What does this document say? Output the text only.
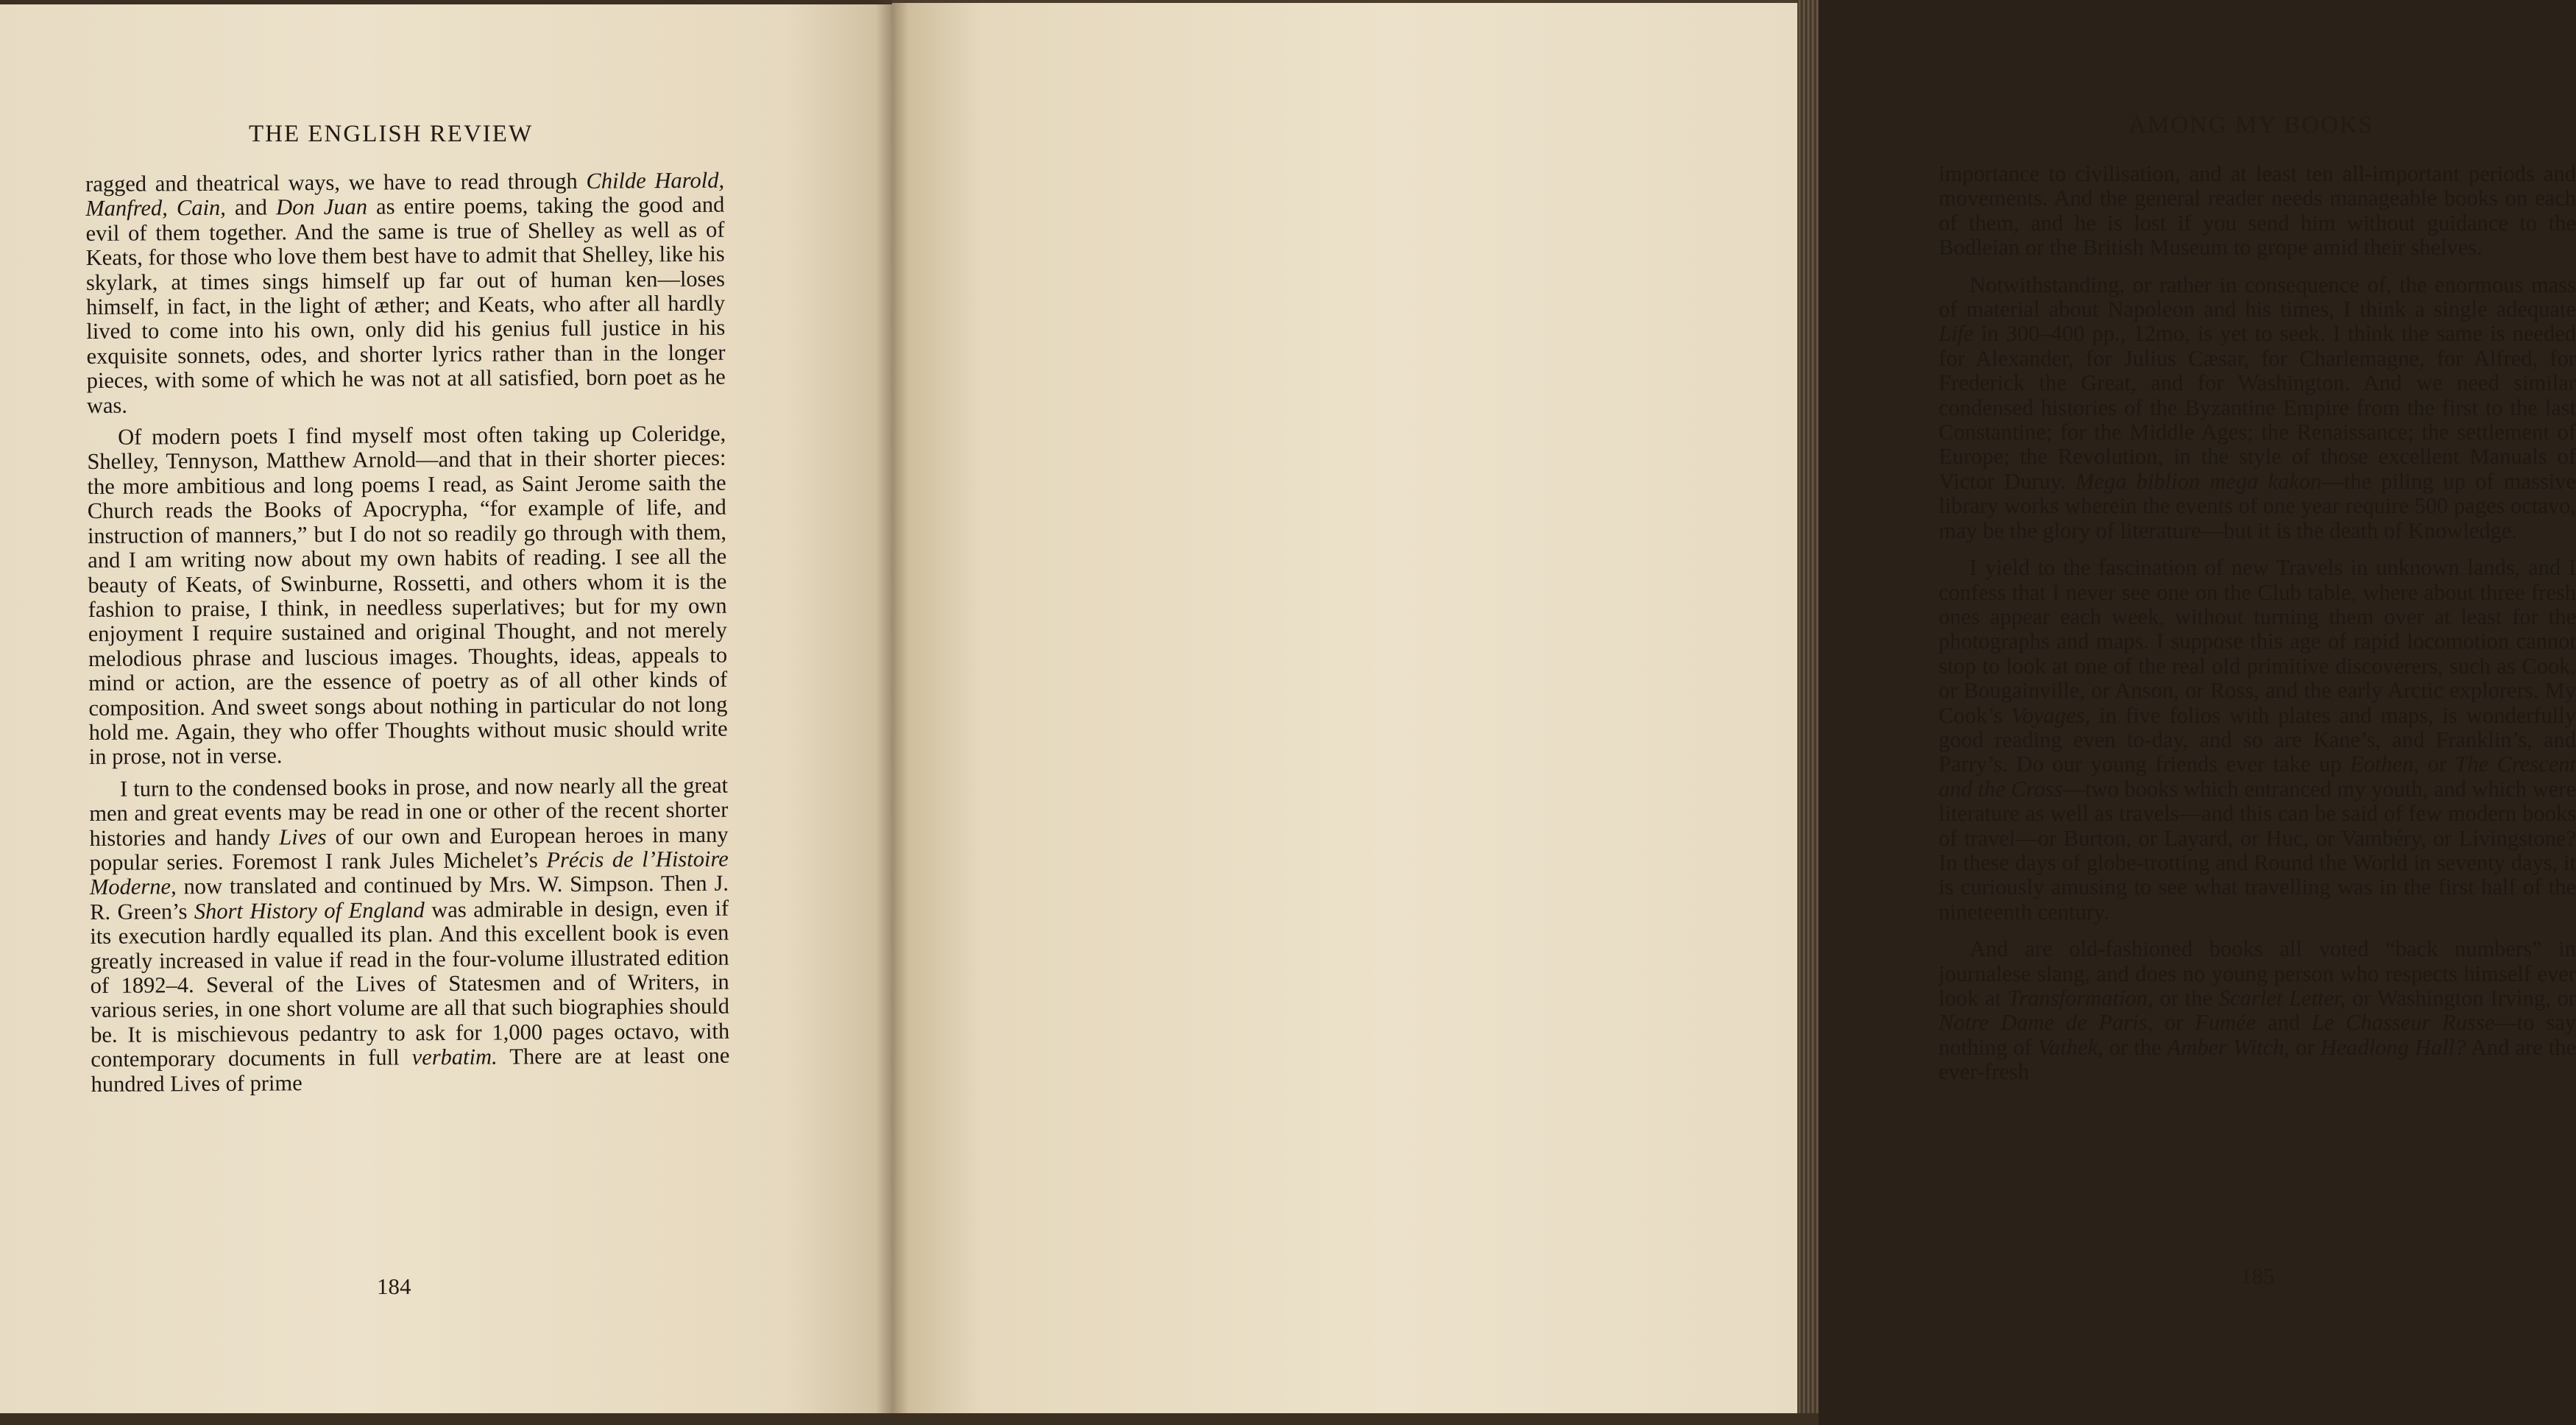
THE ENGLISH REVIEW

ragged and theatrical ways, we have to read through Childe Harold, Manfred, Cain, and Don Juan as entire poems, taking the good and evil of them together. And the same is true of Shelley as well as of Keats, for those who love them best have to admit that Shelley, like his skylark, at times sings himself up far out of human ken—loses himself, in fact, in the light of æther; and Keats, who after all hardly lived to come into his own, only did his genius full justice in his exquisite sonnets, odes, and shorter lyrics rather than in the longer pieces, with some of which he was not at all satisfied, born poet as he was.

Of modern poets I find myself most often taking up Coleridge, Shelley, Tennyson, Matthew Arnold—and that in their shorter pieces: the more ambitious and long poems I read, as Saint Jerome saith the Church reads the Books of Apocrypha, “for example of life, and instruction of manners,” but I do not so readily go through with them, and I am writing now about my own habits of reading. I see all the beauty of Keats, of Swinburne, Rossetti, and others whom it is the fashion to praise, I think, in needless superlatives; but for my own enjoyment I require sustained and original Thought, and not merely melodious phrase and luscious images. Thoughts, ideas, appeals to mind or action, are the essence of poetry as of all other kinds of composition. And sweet songs about nothing in particular do not long hold me. Again, they who offer Thoughts without music should write in prose, not in verse.

I turn to the condensed books in prose, and now nearly all the great men and great events may be read in one or other of the recent shorter histories and handy Lives of our own and European heroes in many popular series. Foremost I rank Jules Michelet’s Précis de l’Histoire Moderne, now translated and continued by Mrs. W. Simpson. Then J. R. Green’s Short History of England was admirable in design, even if its execution hardly equalled its plan. And this excellent book is even greatly increased in value if read in the four-volume illustrated edition of 1892–4. Several of the Lives of Statesmen and of Writers, in various series, in one short volume are all that such biographies should be. It is mischievous pedantry to ask for 1,000 pages octavo, with contemporary documents in full verbatim. There are at least one hundred Lives of prime

184
AMONG MY BOOKS

importance to civilisation, and at least ten all-important periods and movements. And the general reader needs manageable books on each of them, and he is lost if you send him without guidance to the Bodleian or the British Museum to grope amid their shelves.

Notwithstanding, or rather in consequence of, the enormous mass of material about Napoleon and his times, I think a single adequate Life in 300–400 pp., 12mo, is yet to seek. I think the same is needed for Alexander, for Julius Cæsar, for Charlemagne, for Alfred, for Frederick the Great, and for Washington. And we need similar condensed histories of the Byzantine Empire from the first to the last Constantine; for the Middle Ages; the Renaissance; the settlement of Europe; the Revolution, in the style of those excellent Manuals of Victor Duruy. Mega biblion mega kakon—the piling up of massive library works wherein the events of one year require 500 pages octavo, may be the glory of literature—but it is the death of Knowledge.

I yield to the fascination of new Travels in unknown lands, and I confess that I never see one on the Club table, where about three fresh ones appear each week, without turning them over at least for the photographs and maps. I suppose this age of rapid locomotion cannot stop to look at one of the real old primitive discoverers, such as Cook, or Bougainville, or Anson, or Ross, and the early Arctic explorers. My Cook’s Voyages, in five folios with plates and maps, is wonderfully good reading even to-day, and so are Kane’s, and Franklin’s, and Parry’s. Do our young friends ever take up Eothen, or The Crescent and the Cross—two books which entranced my youth, and which were literature as well as travels—and this can be said of few modern books of travel—or Burton, or Layard, or Huc, or Vambéry, or Livingstone? In these days of globe-trotting and Round the World in seventy days, it is curiously amusing to see what travelling was in the first half of the nineteenth century.

And are old-fashioned books all voted “back numbers” in journalese slang, and does no young person who respects himself ever look at Transformation, or the Scarlet Letter, or Washington Irving, or Notre Dame de Paris, or Fumée and Le Chasseur Russe—to say nothing of Vathek, or the Amber Witch, or Headlong Hall? And are the ever-fresh

185
